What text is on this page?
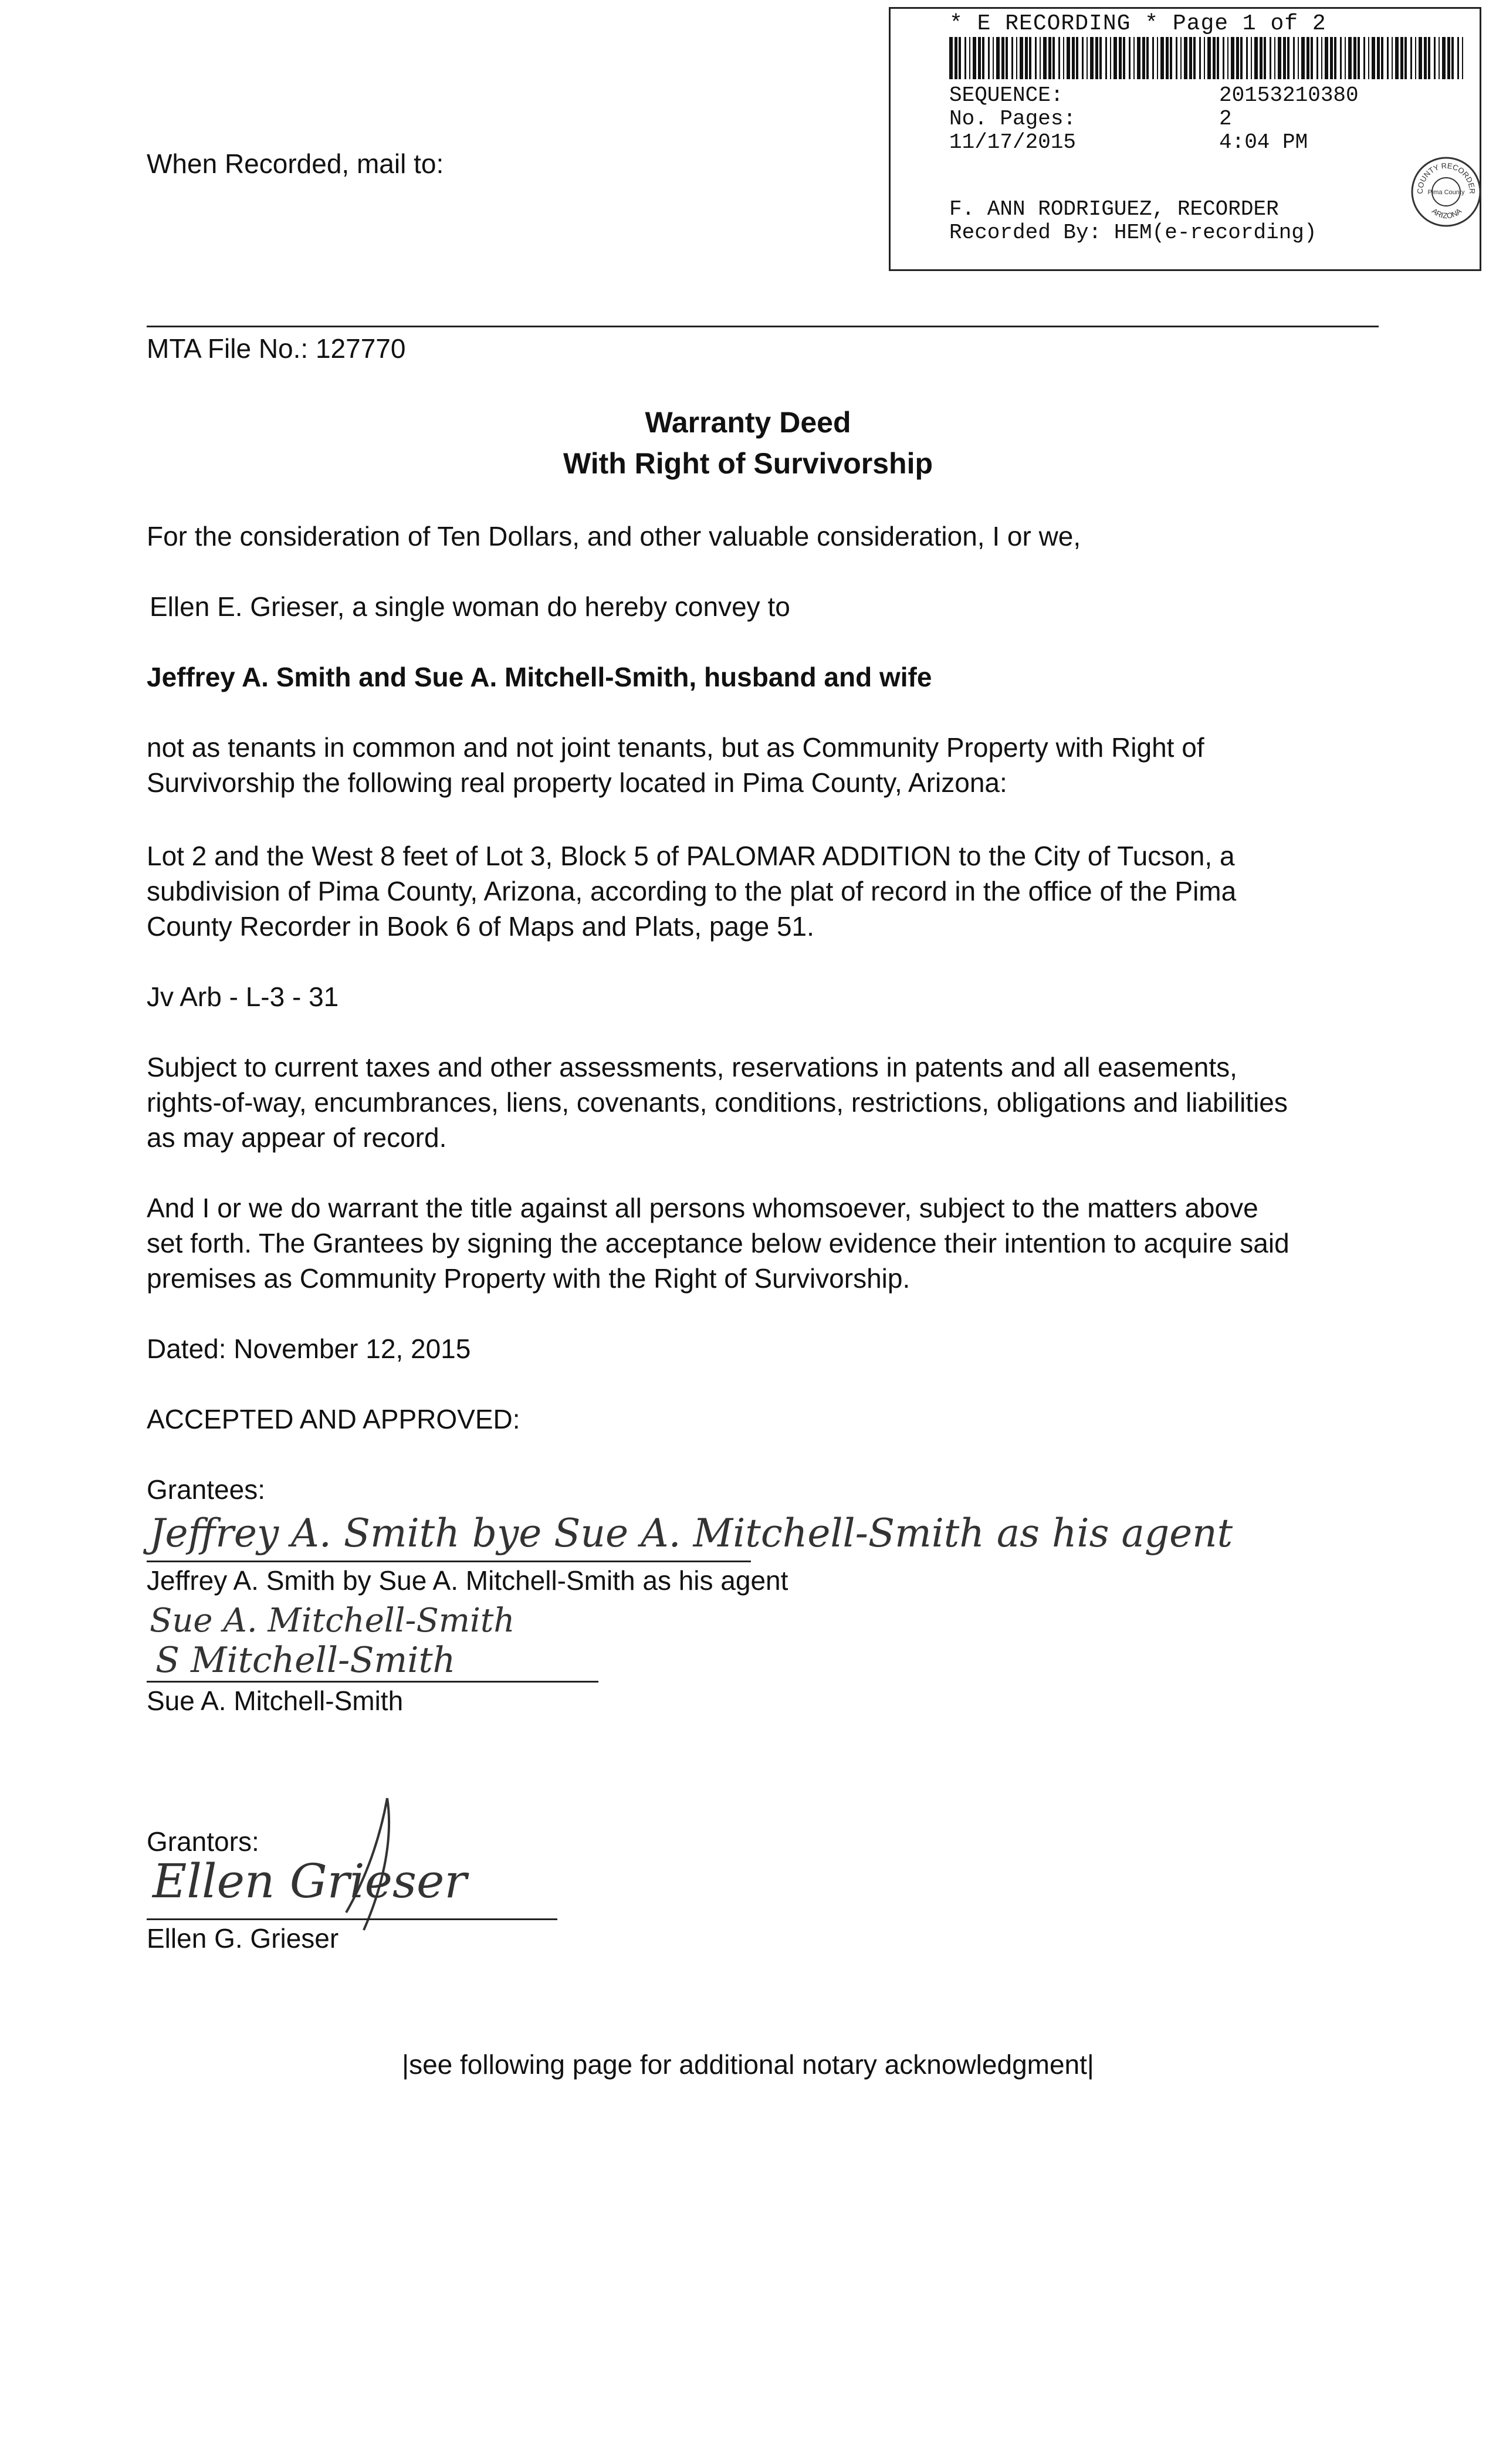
* E RECORDING * Page 1 of 2
SEQUENCE:	20153210380
No. Pages:	2
11/17/2015	4:04 PM
F. ANN RODRIGUEZ, RECORDER
Recorded By: HEM(e-recording)
COUNTY RECORDER
Pima County
ARIZONA
When Recorded, mail to:
MTA File No.: 127770
Warranty Deed
With Right of Survivorship
For the consideration of Ten Dollars, and other valuable consideration, I or we,
Ellen E. Grieser, a single woman do hereby convey to
Jeffrey A. Smith and Sue A. Mitchell-Smith, husband and wife
not as tenants in common and not joint tenants, but as Community Property with Right of
Survivorship the following real property located in Pima County, Arizona:
Lot 2 and the West 8 feet of Lot 3, Block 5 of PALOMAR ADDITION to the City of Tucson, a
subdivision of Pima County, Arizona, according to the plat of record in the office of the Pima
County Recorder in Book 6 of Maps and Plats, page 51.
Jv Arb - L-3 - 31
Subject to current taxes and other assessments, reservations in patents and all easements,
rights-of-way, encumbrances, liens, covenants, conditions, restrictions, obligations and liabilities
as may appear of record.
And I or we do warrant the title against all persons whomsoever, subject to the matters above
set forth. The Grantees by signing the acceptance below evidence their intention to acquire said
premises as Community Property with the Right of Survivorship.
Dated: November 12, 2015
ACCEPTED AND APPROVED:
Grantees:
Jeffrey A. Smith bye Sue A. Mitchell-Smith as his agent
Jeffrey A. Smith by Sue A. Mitchell-Smith as his agent
Sue A. Mitchell-Smith
S Mitchell-Smith
Sue A. Mitchell-Smith
Grantors:
Ellen Grieser
Ellen G. Grieser
|see following page for additional notary acknowledgment|
